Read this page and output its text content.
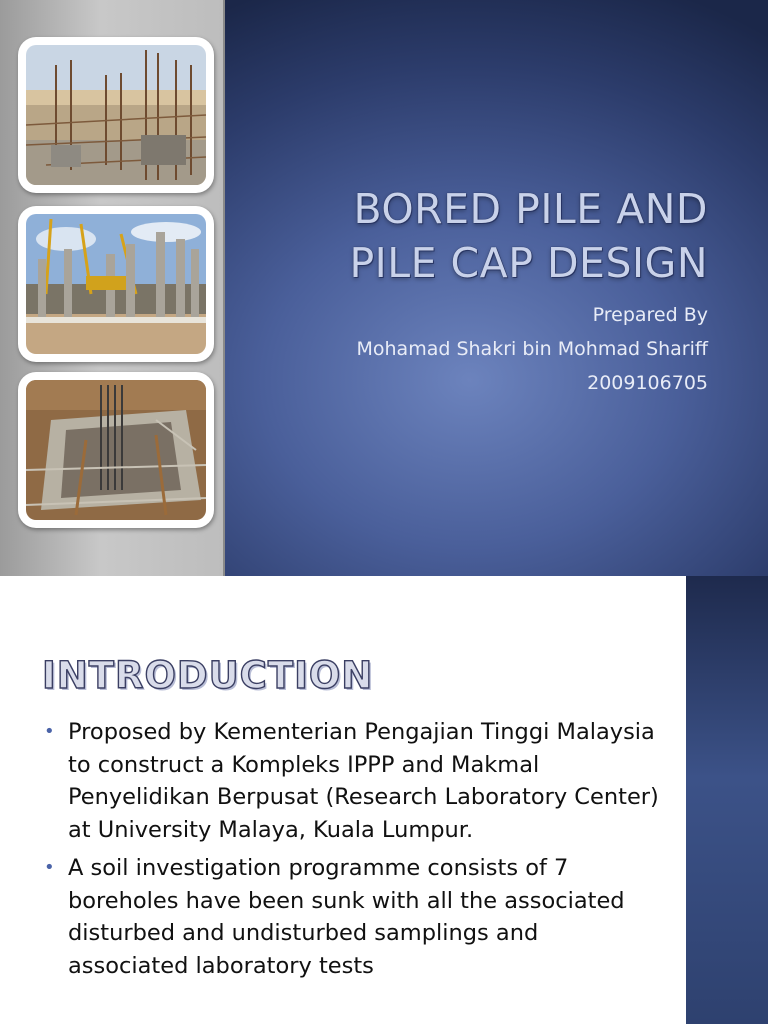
BORED PILE AND
PILE CAP DESIGN
Prepared By
Mohamad Shakri bin Mohmad Shariff
2009106705
INTRODUCTION
• Proposed by Kementerian Pengajian Tinggi Malaysia to construct a Kompleks IPPP and Makmal Penyelidikan Berpusat (Research Laboratory Center) at University Malaya, Kuala Lumpur.
• A soil investigation programme consists of 7 boreholes have been sunk with all the associated disturbed and undisturbed samplings and associated laboratory tests
